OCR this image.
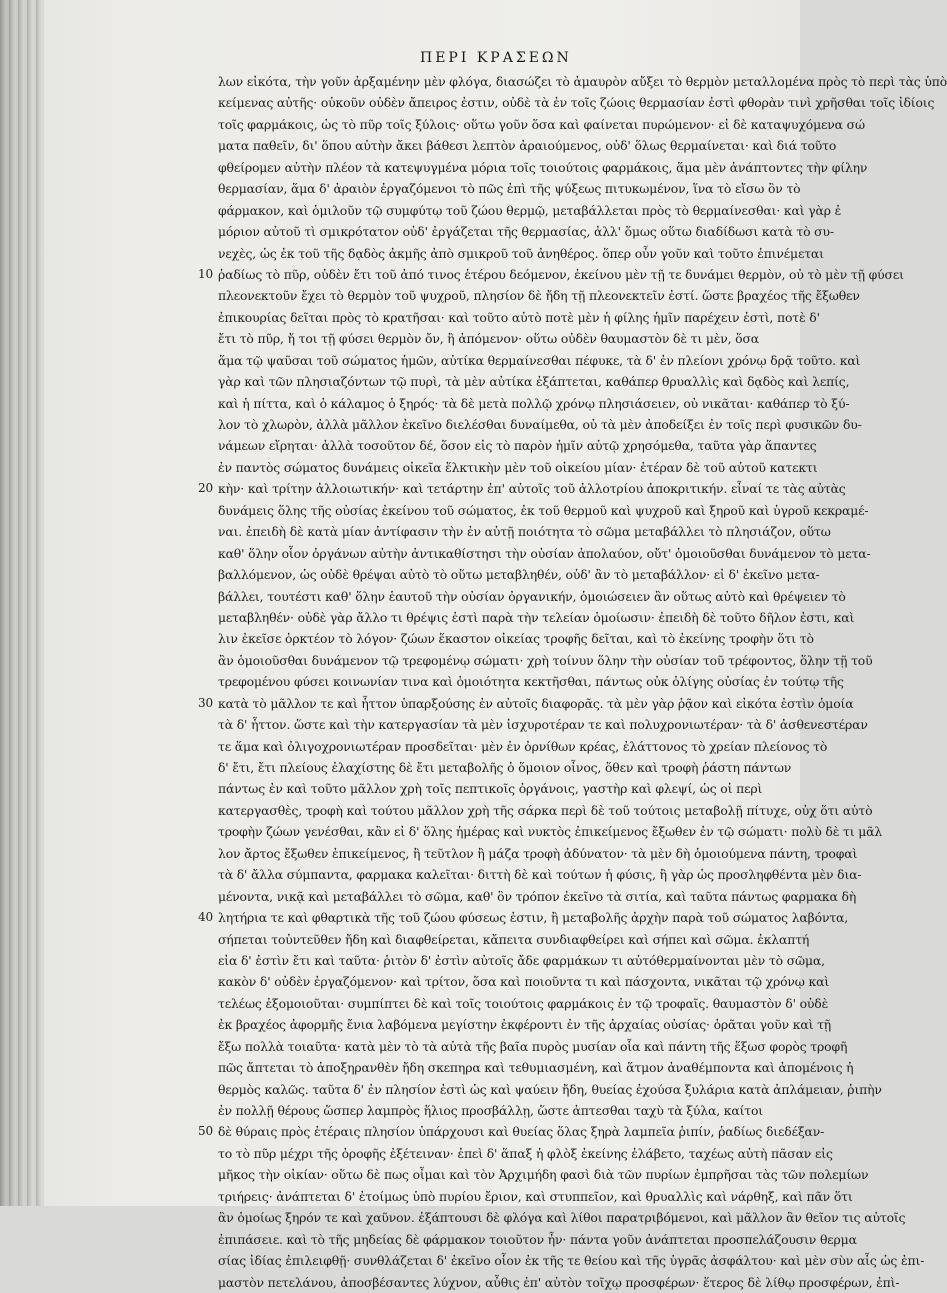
ΠΕΡΙ ΚΡΑΣΕΩΝ
λων εἰκότα, τὴν γοῦν ἀρξαμένην μὲν φλόγα, διασώζει τὸ ἀμαυρὸν αὔξει τὸ θερμὸν μεταλλομένα πρὸς τὸ περὶ τὰς ὑπὸ
κείμενας αὐτῆς· οὐκοῦν οὐδὲν ἄπειρος ἐστιν, οὐδὲ τὰ ἐν τοῖς ζώοις θερμασίαν ἐστὶ φθορὰν τινὶ χρῆσθαι τοῖς ἰδίοις
τοῖς φαρμάκοις, ὡς τὸ πῦρ τοῖς ξύλοις· οὕτω γοῦν ὅσα καὶ φαίνεται πυρώμενον· εἰ δὲ καταψυχόμενα σώ
ματα παθεῖν, δι' ὅπου αὐτὴν ἄκει βάθεσι λεπτὸν ἀραιούμενος, οὐδ' ὅλως θερμαίνεται· καὶ διά τοῦτο
φθείρομεν αὐτὴν πλέον τὰ κατεψυγμένα μόρια τοῖς τοιούτοις φαρμάκοις, ἅμα μὲν ἀνάπτοντες τὴν φίλην
θερμασίαν, ἅμα δ' ἀραιὸν ἐργαζόμενοι τὸ πῶς ἐπὶ τῆς ψύξεως πιτυκωμένον, ἵνα τὸ εἴσω ὂν τὸ
φάρμακον, καὶ ὁμιλοῦν τῷ συμφύτῳ τοῦ ζώου θερμῷ, μεταβάλλεται πρὸς τὸ θερμαίνεσθαι· καὶ γὰρ ἐ
μόριον αὐτοῦ τὶ σμικρότατον οὐδ' ἐργάζεται τῆς θερμασίας, ἀλλ' ὅμως οὕτω διαδίδωσι κατὰ τὸ συ-
νεχὲς, ὡς ἐκ τοῦ τῆς δᾳδὸς ἀκμῆς ἀπὸ σμικροῦ τοῦ ἀνηθέρος. ὅπερ οὖν γοῦν καὶ τοῦτο ἐπινέμεται
10 ῥαδίως τὸ πῦρ, οὐδὲν ἔτι τοῦ ἀπό τινος ἑτέρου δεόμενον, ἐκείνου μὲν τῇ τε δυνάμει θερμὸν, οὐ τὸ μὲν τῇ φύσει
πλεονεκτοῦν ἔχει τὸ θερμὸν τοῦ ψυχροῦ, πλησίον δὲ ἤδη τῇ πλεονεκτεῖν ἐστί. ὥστε βραχέος τῆς ἔξωθεν
ἐπικουρίας δεῖται πρὸς τὸ κρατῆσαι· καὶ τοῦτο αὐτὸ ποτὲ μὲν ἡ φίλης ἡμῖν παρέχειν ἐστὶ, ποτὲ δ'
ἔτι τὸ πῦρ, ἤ τοι τῇ φύσει θερμὸν ὄν, ἢ ἀπόμενον· οὕτω οὐδὲν θαυμαστὸν δὲ τι μὲν, ὅσα
ἅμα τῷ ψαῦσαι τοῦ σώματος ἡμῶν, αὐτίκα θερμαίνεσθαι πέφυκε, τὰ δ' ἐν πλείονι χρόνῳ δρᾷ τοῦτο. καὶ
γὰρ καὶ τῶν πλησιαζόντων τῷ πυρὶ, τὰ μὲν αὐτίκα ἐξάπτεται, καθάπερ θρυαλλὶς καὶ δᾳδὸς καὶ λεπίς,
καὶ ἡ πίττα, καὶ ὁ κάλαμος ὁ ξηρός· τὰ δὲ μετὰ πολλῷ χρόνῳ πλησιάσειεν, οὐ νικᾶται· καθάπερ τὸ ξύ-
λον τὸ χλωρὸν, ἀλλὰ μᾶλλον ἐκεῖνο διελέσθαι δυναίμεθα, οὐ τὰ μὲν ἀποδείξει ἐν τοῖς περὶ φυσικῶν δυ-
νάμεων εἴρηται· ἀλλὰ τοσοῦτον δέ, ὅσον εἰς τὸ παρὸν ἡμῖν αὐτῷ χρησόμεθα, ταῦτα γὰρ ἅπαντες
ἐν παντὸς σώματος δυνάμεις οἰκεῖα ἕλκτικὴν μὲν τοῦ οἰκείου μίαν· ἑτέραν δὲ τοῦ αὐτοῦ κατεκτι
20 κὴν· καὶ τρίτην ἀλλοιωτικήν· καὶ τετάρτην ἐπ' αὐτοῖς τοῦ ἀλλοτρίου ἀποκριτικήν. εἶναί τε τὰς αὐτὰς
δυνάμεις ὅλης τῆς οὐσίας ἐκείνου τοῦ σώματος, ἐκ τοῦ θερμοῦ καὶ ψυχροῦ καὶ ξηροῦ καὶ ὑγροῦ κεκραμέ-
ναι. ἐπειδὴ δὲ κατὰ μίαν ἀντίφασιν τὴν ἐν αὐτῇ ποιότητα τὸ σῶμα μεταβάλλει τὸ πλησιάζον, οὕτω
καθ' ὅλην οἷον ὀργάνων αὐτὴν ἀντικαθίστησι τὴν οὐσίαν ἀπολαύον, οὔτ' ὁμοιοῦσθαι δυνάμενον τὸ μετα-
βαλλόμενον, ὡς οὐδὲ θρέψαι αὐτὸ τὸ οὕτω μεταβληθέν, οὐδ' ἂν τὸ μεταβάλλον· εἰ δ' ἐκεῖνο μετα-
βάλλει, τουτέστι καθ' ὅλην ἑαυτοῦ τὴν οὐσίαν ὀργανικήν, ὁμοιώσειεν ἂν οὕτως αὐτὸ καὶ θρέψειεν τὸ
μεταβληθέν· οὐδὲ γὰρ ἄλλο τι θρέψις ἐστὶ παρὰ τὴν τελείαν ὁμοίωσιν· ἐπειδὴ δὲ τοῦτο δῆλον ἐστι, καὶ
λιν ἐκεῖσε ὁρκτέον τὸ λόγον· ζώων ἕκαστον οἰκείας τροφῆς δεῖται, καὶ τὸ ἐκείνης τροφὴν ὅτι τὸ
ἂν ὁμοιοῦσθαι δυνάμενον τῷ τρεφομένῳ σώματι· χρὴ τοίνυν ὅλην τὴν οὐσίαν τοῦ τρέφοντος, ὅλην τῇ τοῦ
τρεφομένου φύσει κοινωνίαν τινα καὶ ὁμοιότητα κεκτῆσθαι, πάντως οὐκ ὀλίγης οὐσίας ἐν τούτῳ τῆς
30 κατὰ τὸ μᾶλλον τε καὶ ἧττον ὑπαρξούσης ἐν αὐτοῖς διαφορᾶς. τὰ μὲν γὰρ ῥᾷον καὶ εἰκότα ἐστὶν ὁμοία
τὰ δ' ἧττον. ὥστε καὶ τὴν κατεργασίαν τὰ μὲν ἰσχυροτέραν τε καὶ πολυχρονιωτέραν· τὰ δ' ἀσθενεστέραν
τε ἅμα καὶ ὀλιγοχρονιωτέραν προσδεῖται· μὲν ἐν ὀρνίθων κρέας, ἐλάττονος τὸ χρείαν πλείονος τὸ
δ' ἔτι, ἔτι πλείους ἐλαχίστης δὲ ἔτι μεταβολῆς ὁ ὅμοιον οἶνος, ὅθεν καὶ τροφὴ ῥάστη πάντων
πάντως ἐν καὶ τοῦτο μᾶλλον χρὴ τοῖς πεπτικοῖς ὀργάνοις, γαστὴρ καὶ φλεψί, ὡς οἱ περὶ
κατεργασθὲς, τροφὴ καὶ τούτου μᾶλλον χρὴ τῆς σάρκα περὶ δὲ τοῦ τούτοις μεταβολῇ πίτυχε, οὐχ ὅτι αὐτὸ
τροφὴν ζώων γενέσθαι, κἂν εἰ δ' ὅλης ἡμέρας καὶ νυκτὸς ἐπικείμενος ἔξωθεν ἐν τῷ σώματι· πολὺ δὲ τι μᾶλ
λον ἄρτος ἔξωθεν ἐπικείμενος, ἢ τεῦτλον ἢ μάζα τροφὴ ἀδύνατον· τὰ μὲν δὴ ὁμοιούμενα πάντη, τροφαὶ
τὰ δ' ἄλλα σύμπαντα, φαρμακα καλεῖται· διττὴ δὲ καὶ τούτων ἡ φύσις, ἢ γὰρ ὡς προσληφθέντα μὲν δια-
μένοντα, νικᾷ καὶ μεταβάλλει τὸ σῶμα, καθ' ὃν τρόπον ἐκεῖνο τὰ σιτία, καὶ ταῦτα πάντως φαρμακα δὴ
40 λητήρια τε καὶ φθαρτικὰ τῆς τοῦ ζώου φύσεως ἐστιν, ἢ μεταβολῆς ἀρχὴν παρὰ τοῦ σώματος λαβόντα,
σήπεται τοὐντεῦθεν ἤδη καὶ διαφθείρεται, κἄπειτα συνδιαφθείρει καὶ σήπει καὶ σῶμα. ἐκλαπτή
εἰα δ' ἐστὶν ἔτι καὶ ταῦτα· ῥιτὸν δ' ἐστὶν αὐτοῖς ἄδε φαρμάκων τι αὐτόθερμαίνονται μὲν τὸ σῶμα,
κακὸν δ' οὐδὲν ἐργαζόμενον· καὶ τρίτον, ὅσα καὶ ποιοῦντα τι καὶ πάσχοντα, νικᾶται τῷ χρόνῳ καὶ
τελέως ἐξομοιοῦται· συμπίπτει δὲ καὶ τοῖς τοιούτοις φαρμάκοις ἐν τῷ τροφαῖς. θαυμαστὸν δ' οὐδὲ
ἐκ βραχέος ἀφορμῆς ἔνια λαβόμενα μεγίστην ἐκφέροντι ἐν τῆς ἀρχαίας οὐσίας· ὁρᾶται γοῦν καὶ τῇ
ἔξω πολλὰ τοιαῦτα· κατὰ μὲν τὸ τὰ αὐτὰ τῆς βαῖα πυρὸς μυσίαν οἷα καὶ πάντη τῆς ἕξωσ φορὸς τροφῆ
πῶς ἄπτεται τὸ ἀποξηρανθὲν ἤδη σκεπηρα καὶ τεθυμιασμένη, καὶ ἅτμον ἀναθέμποντα καὶ ἀπομένοις ἠ
θερμὸς καλῶς. ταῦτα δ' ἐν πλησίον ἐστὶ ὡς καὶ ψαύειν ἤδη, θυείας ἐχούσα ξυλάρια κατὰ ἀπλάμειαν, ῥιπὴν
ἐν πολλῇ θέρους ὥσπερ λαμπρὸς ἥλιος προσβάλλῃ, ὥστε ἀπτεσθαι ταχὺ τὰ ξύλα, καίτοι
50 δὲ θύραις πρὸς ἑτέραις πλησίον ὑπάρχουσι καὶ θυείας ὅλας ξηρὰ λαμπεῖα ῥιπίν, ῥαδίως διεδέξαν-
το τὸ πῦρ μέχρι τῆς ὀροφῆς ἐξέτειναν· ἐπεὶ δ' ἅπαξ ἡ φλὸξ ἐκείνης ἐλάβετο, ταχέως αὐτὴ πᾶσαν εἰς
μῆκος τὴν οἰκίαν· οὕτω δὲ πως οἶμαι καὶ τὸν Ἀρχιμήδη φασὶ διὰ τῶν πυρίων ἐμπρῆσαι τὰς τῶν πολεμίων
τριήρεις· ἀνάπτεται δ' ἐτοίμως ὑπὸ πυρίου ἔριον, καὶ στυππεῖον, καὶ θρυαλλὶς καὶ νάρθηξ, καὶ πᾶν ὅτι
ἂν ὁμοίως ξηρόν τε καὶ χαῦνον. ἐξάπτουσι δὲ φλόγα καὶ λίθοι παρατριβόμενοι, καὶ μᾶλλον ἂν θεῖον τις αὐτοῖς
ἐπιπάσειε. καὶ τὸ τῆς μηδείας δὲ φάρμακον τοιοῦτον ἦν· πάντα γοῦν ἀνάπτεται προσπελάζουσιν θερμα
σίας ἰδίας ἐπιλειφθῇ· συνθλάζεται δ' ἐκεῖνο οἷον ἐκ τῆς τε θείου καὶ τῆς ὑγρᾶς ἀσφάλτου· καὶ μὲν σὺν αἷς ὡς ἐπι-
μαστὸν πετελάνου, ἀποσβέσαντες λύχνον, αὖθις ἐπ' αὐτὸν τοῖχῳ προσφέρων· ἕτερος δὲ λίθῳ προσφέρων, ἐπὶ-
